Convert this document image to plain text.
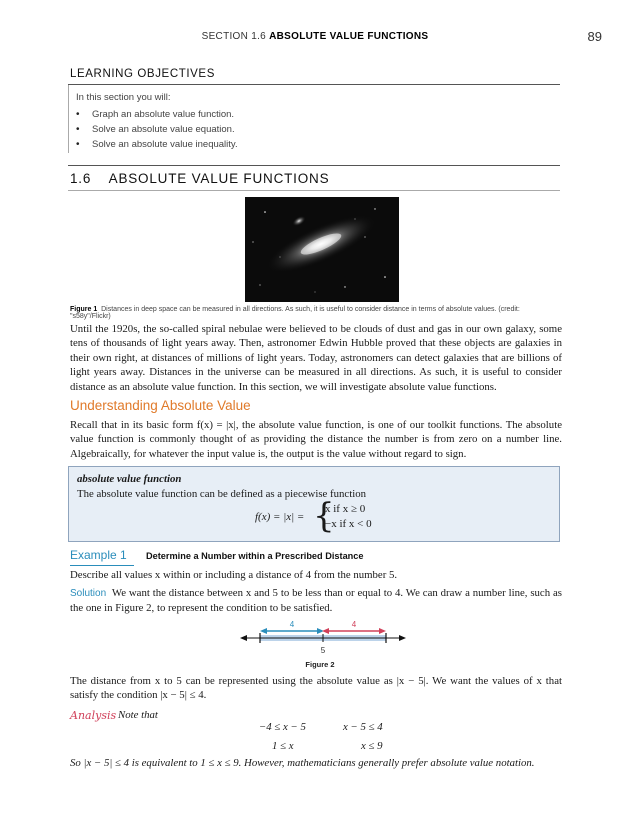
SECTION 1.6 ABSOLUTE VALUE FUNCTIONS	89
LEARNING OBJECTIVES
In this section you will:
• Graph an absolute value function.
• Solve an absolute value equation.
• Solve an absolute value inequality.
1.6 ABSOLUTE VALUE FUNCTIONS
Figure 1 Distances in deep space can be measured in all directions. As such, it is useful to consider distance in terms of absolute values. (credit: "s58y"/Flickr)
Until the 1920s, the so-called spiral nebulae were believed to be clouds of dust and gas in our own galaxy, some tens of thousands of light years away. Then, astronomer Edwin Hubble proved that these objects are galaxies in their own right, at distances of millions of light years. Today, astronomers can detect galaxies that are billions of light years away. Distances in the universe can be measured in all directions. As such, it is useful to consider distance as an absolute value function. In this section, we will investigate absolute value functions.
Understanding Absolute Value
Recall that in its basic form f(x) = |x|, the absolute value function, is one of our toolkit functions. The absolute value function is commonly thought of as providing the distance the number is from zero on a number line. Algebraically, for whatever the input value is, the output is the value without regard to sign.
absolute value function
The absolute value function can be defined as a piecewise function
f(x) = |x| = {
x if x ≥ 0
−x if x < 0
Example 1 Determine a Number within a Prescribed Distance
Describe all values x within or including a distance of 4 from the number 5.
Solution We want the distance between x and 5 to be less than or equal to 4. We can draw a number line, such as the one in Figure 2, to represent the condition to be satisfied.
4	4
5
Figure 2
The distance from x to 5 can be represented using the absolute value as |x − 5|. We want the values of x that satisfy the condition |x − 5| ≤ 4.
Analysis Note that
−4 ≤ x − 5	x − 5 ≤ 4
1 ≤ x	x ≤ 9
So |x − 5| ≤ 4 is equivalent to 1 ≤ x ≤ 9. However, mathematicians generally prefer absolute value notation.
